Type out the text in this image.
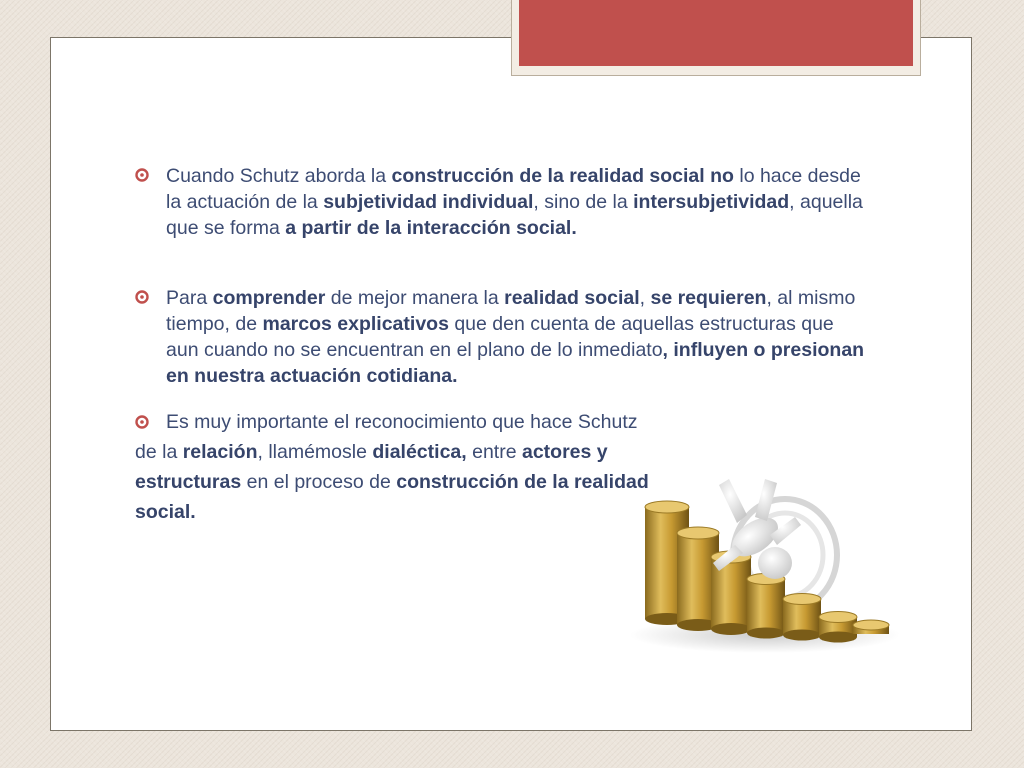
Cuando Schutz aborda la construcción de la realidad social no lo hace desde la actuación de la subjetividad individual, sino de la intersubjetividad, aquella que se forma a partir de la interacción social.
Para comprender de mejor manera la realidad social, se requieren, al mismo tiempo, de marcos explicativos que den cuenta de aquellas estructuras que aun cuando no se encuentran en el plano de lo inmediato, influyen o presionan en nuestra actuación cotidiana.
Es muy importante el reconocimiento que hace Schutz de la relación, llamémosle dialéctica, entre actores y estructuras en el proceso de construcción de la realidad social.
